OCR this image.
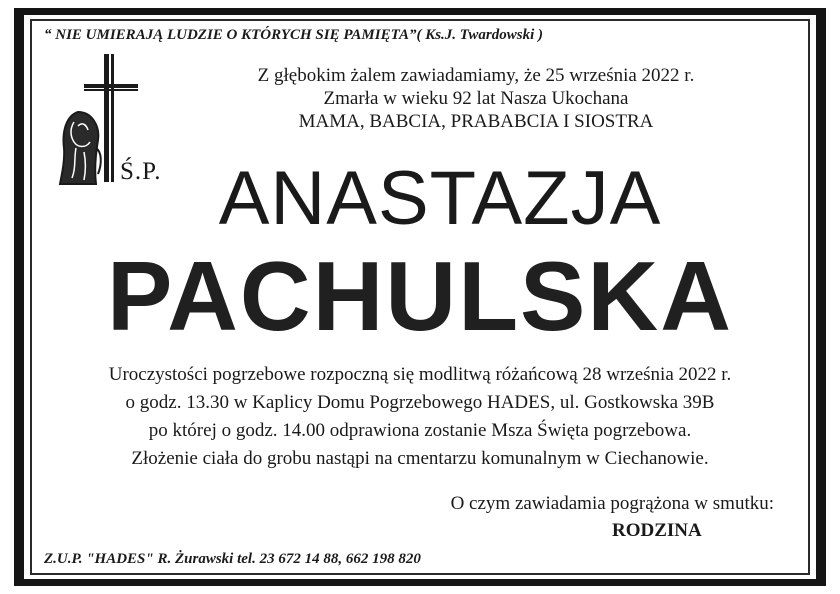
“ NIE UMIERAJĄ LUDZIE O KTÓRYCH SIĘ PAMIĘTA”( Ks.J. Twardowski )
Ś.P.
Z głębokim żalem zawiadamiamy, że 25 września 2022 r.
Zmarła w wieku 92 lat Nasza Ukochana
MAMA, BABCIA, PRABABCIA I SIOSTRA
ANASTAZJA
PACHULSKA
Uroczystości pogrzebowe rozpoczną się modlitwą różańcową 28 września 2022 r.
o godz. 13.30 w Kaplicy Domu Pogrzebowego HADES, ul. Gostkowska 39B
po której o godz. 14.00 odprawiona zostanie Msza Święta pogrzebowa.
Złożenie ciała do grobu nastąpi na cmentarzu komunalnym w Ciechanowie.
O czym zawiadamia pogrążona w smutku:
RODZINA
Z.U.P. "HADES" R. Żurawski tel. 23 672 14 88, 662 198 820
